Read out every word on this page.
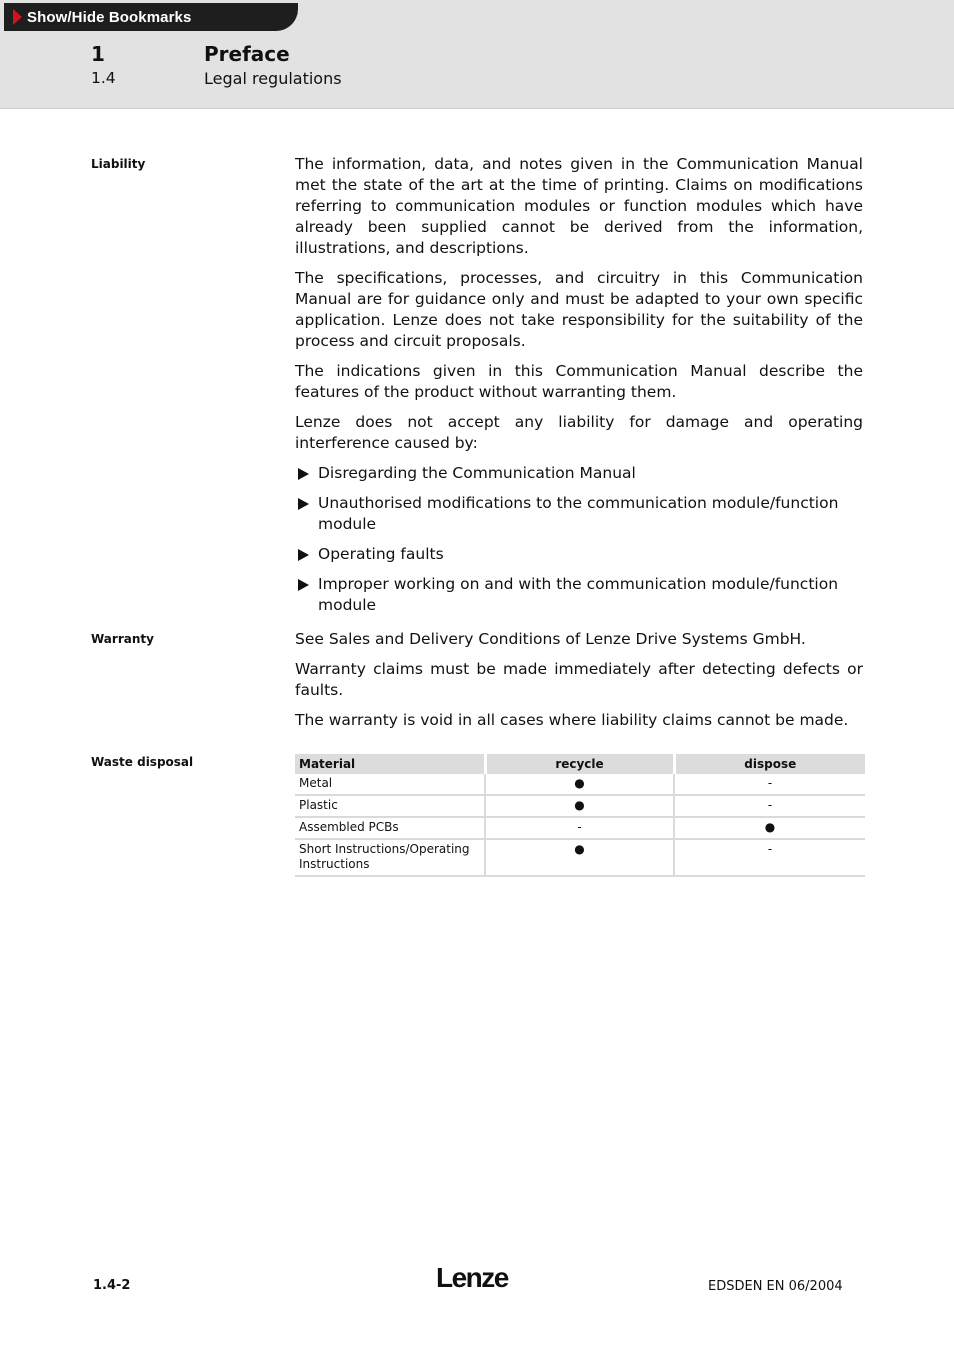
Show/Hide Bookmarks
1	Preface
1.4	Legal regulations
Liability	The information, data, and notes given in the Communication Manual met the state of the art at the time of printing. Claims on modifications referring to communication modules or function modules which have already been supplied cannot be derived from the information, illustrations, and descriptions.

The specifications, processes, and circuitry in this Communication Manual are for guidance only and must be adapted to your own specific application. Lenze does not take responsibility for the suitability of the process and circuit proposals.

The indications given in this Communication Manual describe the features of the product without warranting them.

Lenze does not accept any liability for damage and operating interference caused by:

Disregarding the Communication Manual
Unauthorised modifications to the communication module/function module
Operating faults
Improper working on and with the communication module/function module
Warranty	See Sales and Delivery Conditions of Lenze Drive Systems GmbH.

Warranty claims must be made immediately after detecting defects or faults.

The warranty is void in all cases where liability claims cannot be made.

Waste disposal	Material	recycle	dispose
Metal	●	-
Plastic	●	-
Assembled PCBs	-	●
Short Instructions/Operating Instructions	●	-
1.4-2	Lenze	EDSDEN EN 06/2004
